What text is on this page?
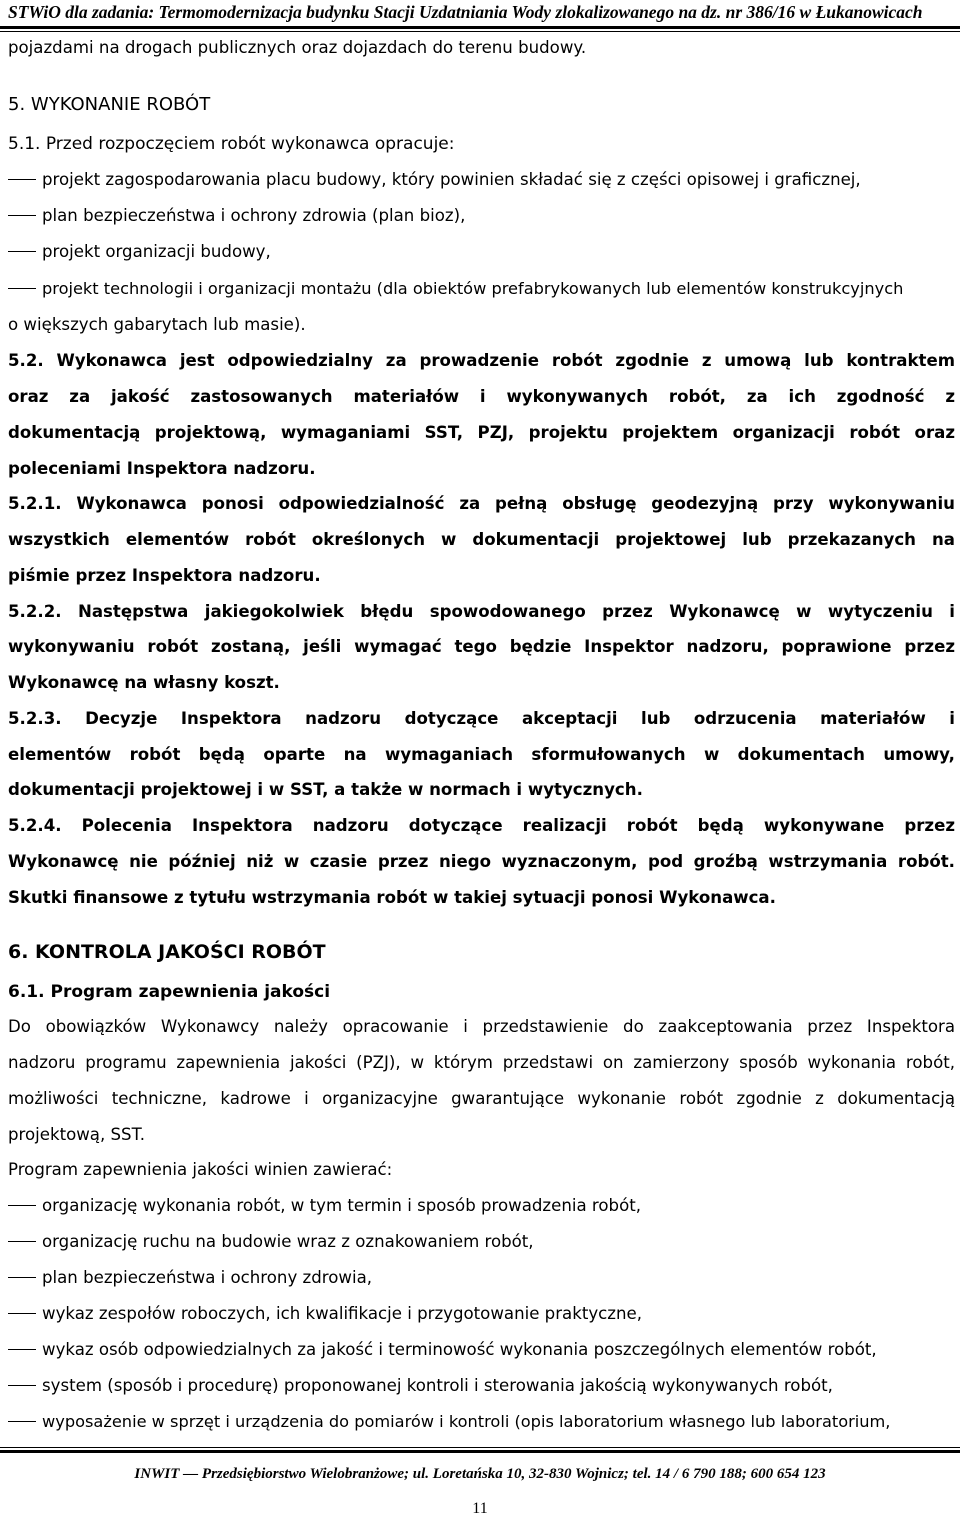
STWiO dla zadania: Termomodernizacja budynku Stacji Uzdatniania Wody zlokalizowanego na dz. nr 386/16 w Łukanowicach
pojazdami na drogach publicznych oraz dojazdach do terenu budowy.
5. WYKONANIE ROBÓT
5.1. Przed rozpoczęciem robót wykonawca opracuje:
projekt zagospodarowania placu budowy, który powinien składać się z części opisowej i graficznej,
plan bezpieczeństwa i ochrony zdrowia (plan bioz),
projekt organizacji budowy,
projekt technologii i organizacji montażu (dla obiektów prefabrykowanych lub elementów konstrukcyjnych
o większych gabarytach lub masie).
5.2. Wykonawca jest odpowiedzialny za prowadzenie robót zgodnie z umową lub kontraktem
oraz za jakość zastosowanych materiałów i wykonywanych robót, za ich zgodność z
dokumentacją projektową, wymaganiami SST, PZJ, projektu projektem organizacji robót oraz
poleceniami Inspektora nadzoru.
5.2.1. Wykonawca ponosi odpowiedzialność za pełną obsługę geodezyjną przy wykonywaniu
wszystkich elementów robót określonych w dokumentacji projektowej lub przekazanych na
piśmie przez Inspektora nadzoru.
5.2.2. Następstwa jakiegokolwiek błędu spowodowanego przez Wykonawcę w wytyczeniu i
wykonywaniu robót zostaną, jeśli wymagać tego będzie Inspektor nadzoru, poprawione przez
Wykonawcę na własny koszt.
5.2.3. Decyzje Inspektora nadzoru dotyczące akceptacji lub odrzucenia materiałów i
elementów robót będą oparte na wymaganiach sformułowanych w dokumentach umowy,
dokumentacji projektowej i w SST, a także w normach i wytycznych.
5.2.4. Polecenia Inspektora nadzoru dotyczące realizacji robót będą wykonywane przez
Wykonawcę nie później niż w czasie przez niego wyznaczonym, pod groźbą wstrzymania robót.
Skutki finansowe z tytułu wstrzymania robót w takiej sytuacji ponosi Wykonawca.
6. KONTROLA JAKOŚCI ROBÓT
6.1. Program zapewnienia jakości
Do obowiązków Wykonawcy należy opracowanie i przedstawienie do zaakceptowania przez Inspektora
nadzoru programu zapewnienia jakości (PZJ), w którym przedstawi on zamierzony sposób wykonania robót,
możliwości techniczne, kadrowe i organizacyjne gwarantujące wykonanie robót zgodnie z dokumentacją
projektową, SST.
Program zapewnienia jakości winien zawierać:
organizację wykonania robót, w tym termin i sposób prowadzenia robót,
organizację ruchu na budowie wraz z oznakowaniem robót,
plan bezpieczeństwa i ochrony zdrowia,
wykaz zespołów roboczych, ich kwalifikacje i przygotowanie praktyczne,
wykaz osób odpowiedzialnych za jakość i terminowość wykonania poszczególnych elementów robót,
system (sposób i procedurę) proponowanej kontroli i sterowania jakością wykonywanych robót,
wyposażenie w sprzęt i urządzenia do pomiarów i kontroli (opis laboratorium własnego lub laboratorium,
INWIT — Przedsiębiorstwo Wielobranżowe; ul. Loretańska 10, 32-830 Wojnicz; tel. 14 / 6 790 188; 600 654 123
11
